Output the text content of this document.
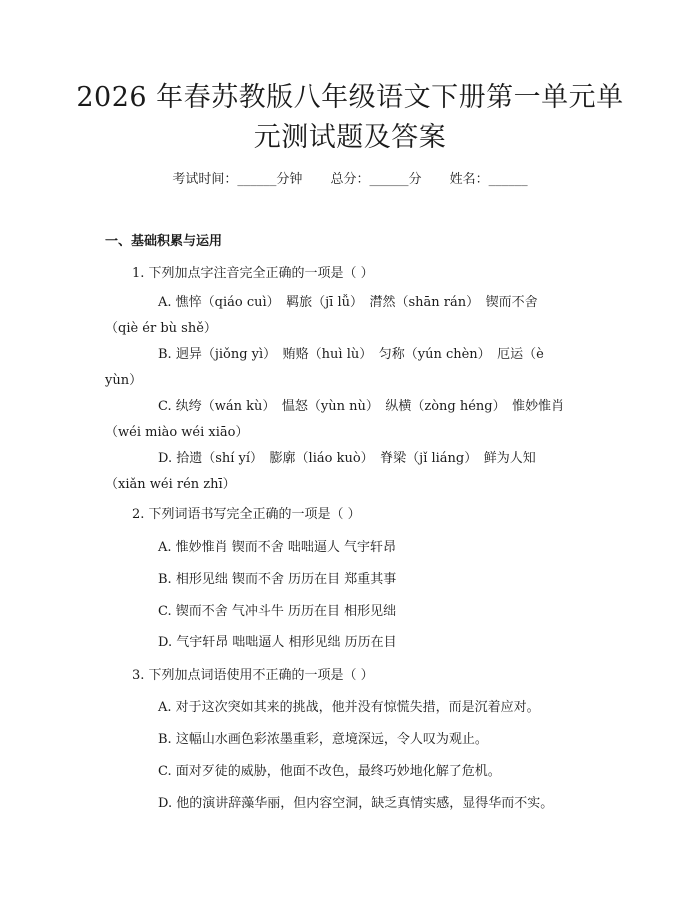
2026 年春苏教版八年级语文下册第一单元单
元测试题及答案
考试时间：______分钟 总分：______分 姓名：______
一、基础积累与运用
1. 下列加点字注音完全正确的一项是（ ）
A. 憔悴（qiáo cuì）　羁旅（jī lǚ）　潸然（shān rán）　锲而不舍
（qiè ér bù shě）
B. 迥异（jiǒng yì）　贿赂（huì lù）　匀称（yún chèn）　厄运（è
yùn）
C. 纨绔（wán kù）　愠怒（yùn nù）　纵横（zòng héng）　惟妙惟肖
（wéi miào wéi xiāo）
D. 拾遗（shí yí）　膨廓（liáo kuò）　脊梁（jǐ liáng）　鲜为人知
（xiǎn wéi rén zhī）
2. 下列词语书写完全正确的一项是（ ）
A. 惟妙惟肖 锲而不舍 咄咄逼人 气宇轩昂
B. 相形见绌 锲而不舍 历历在目 郑重其事
C. 锲而不舍 气冲斗牛 历历在目 相形见绌
D. 气宇轩昂 咄咄逼人 相形见绌 历历在目
3. 下列加点词语使用不正确的一项是（ ）
A. 对于这次突如其来的挑战，他并没有惊慌失措，而是沉着应对。
B. 这幅山水画色彩浓墨重彩，意境深远，令人叹为观止。
C. 面对歹徒的威胁，他面不改色，最终巧妙地化解了危机。
D. 他的演讲辞藻华丽，但内容空洞，缺乏真情实感，显得华而不实。
